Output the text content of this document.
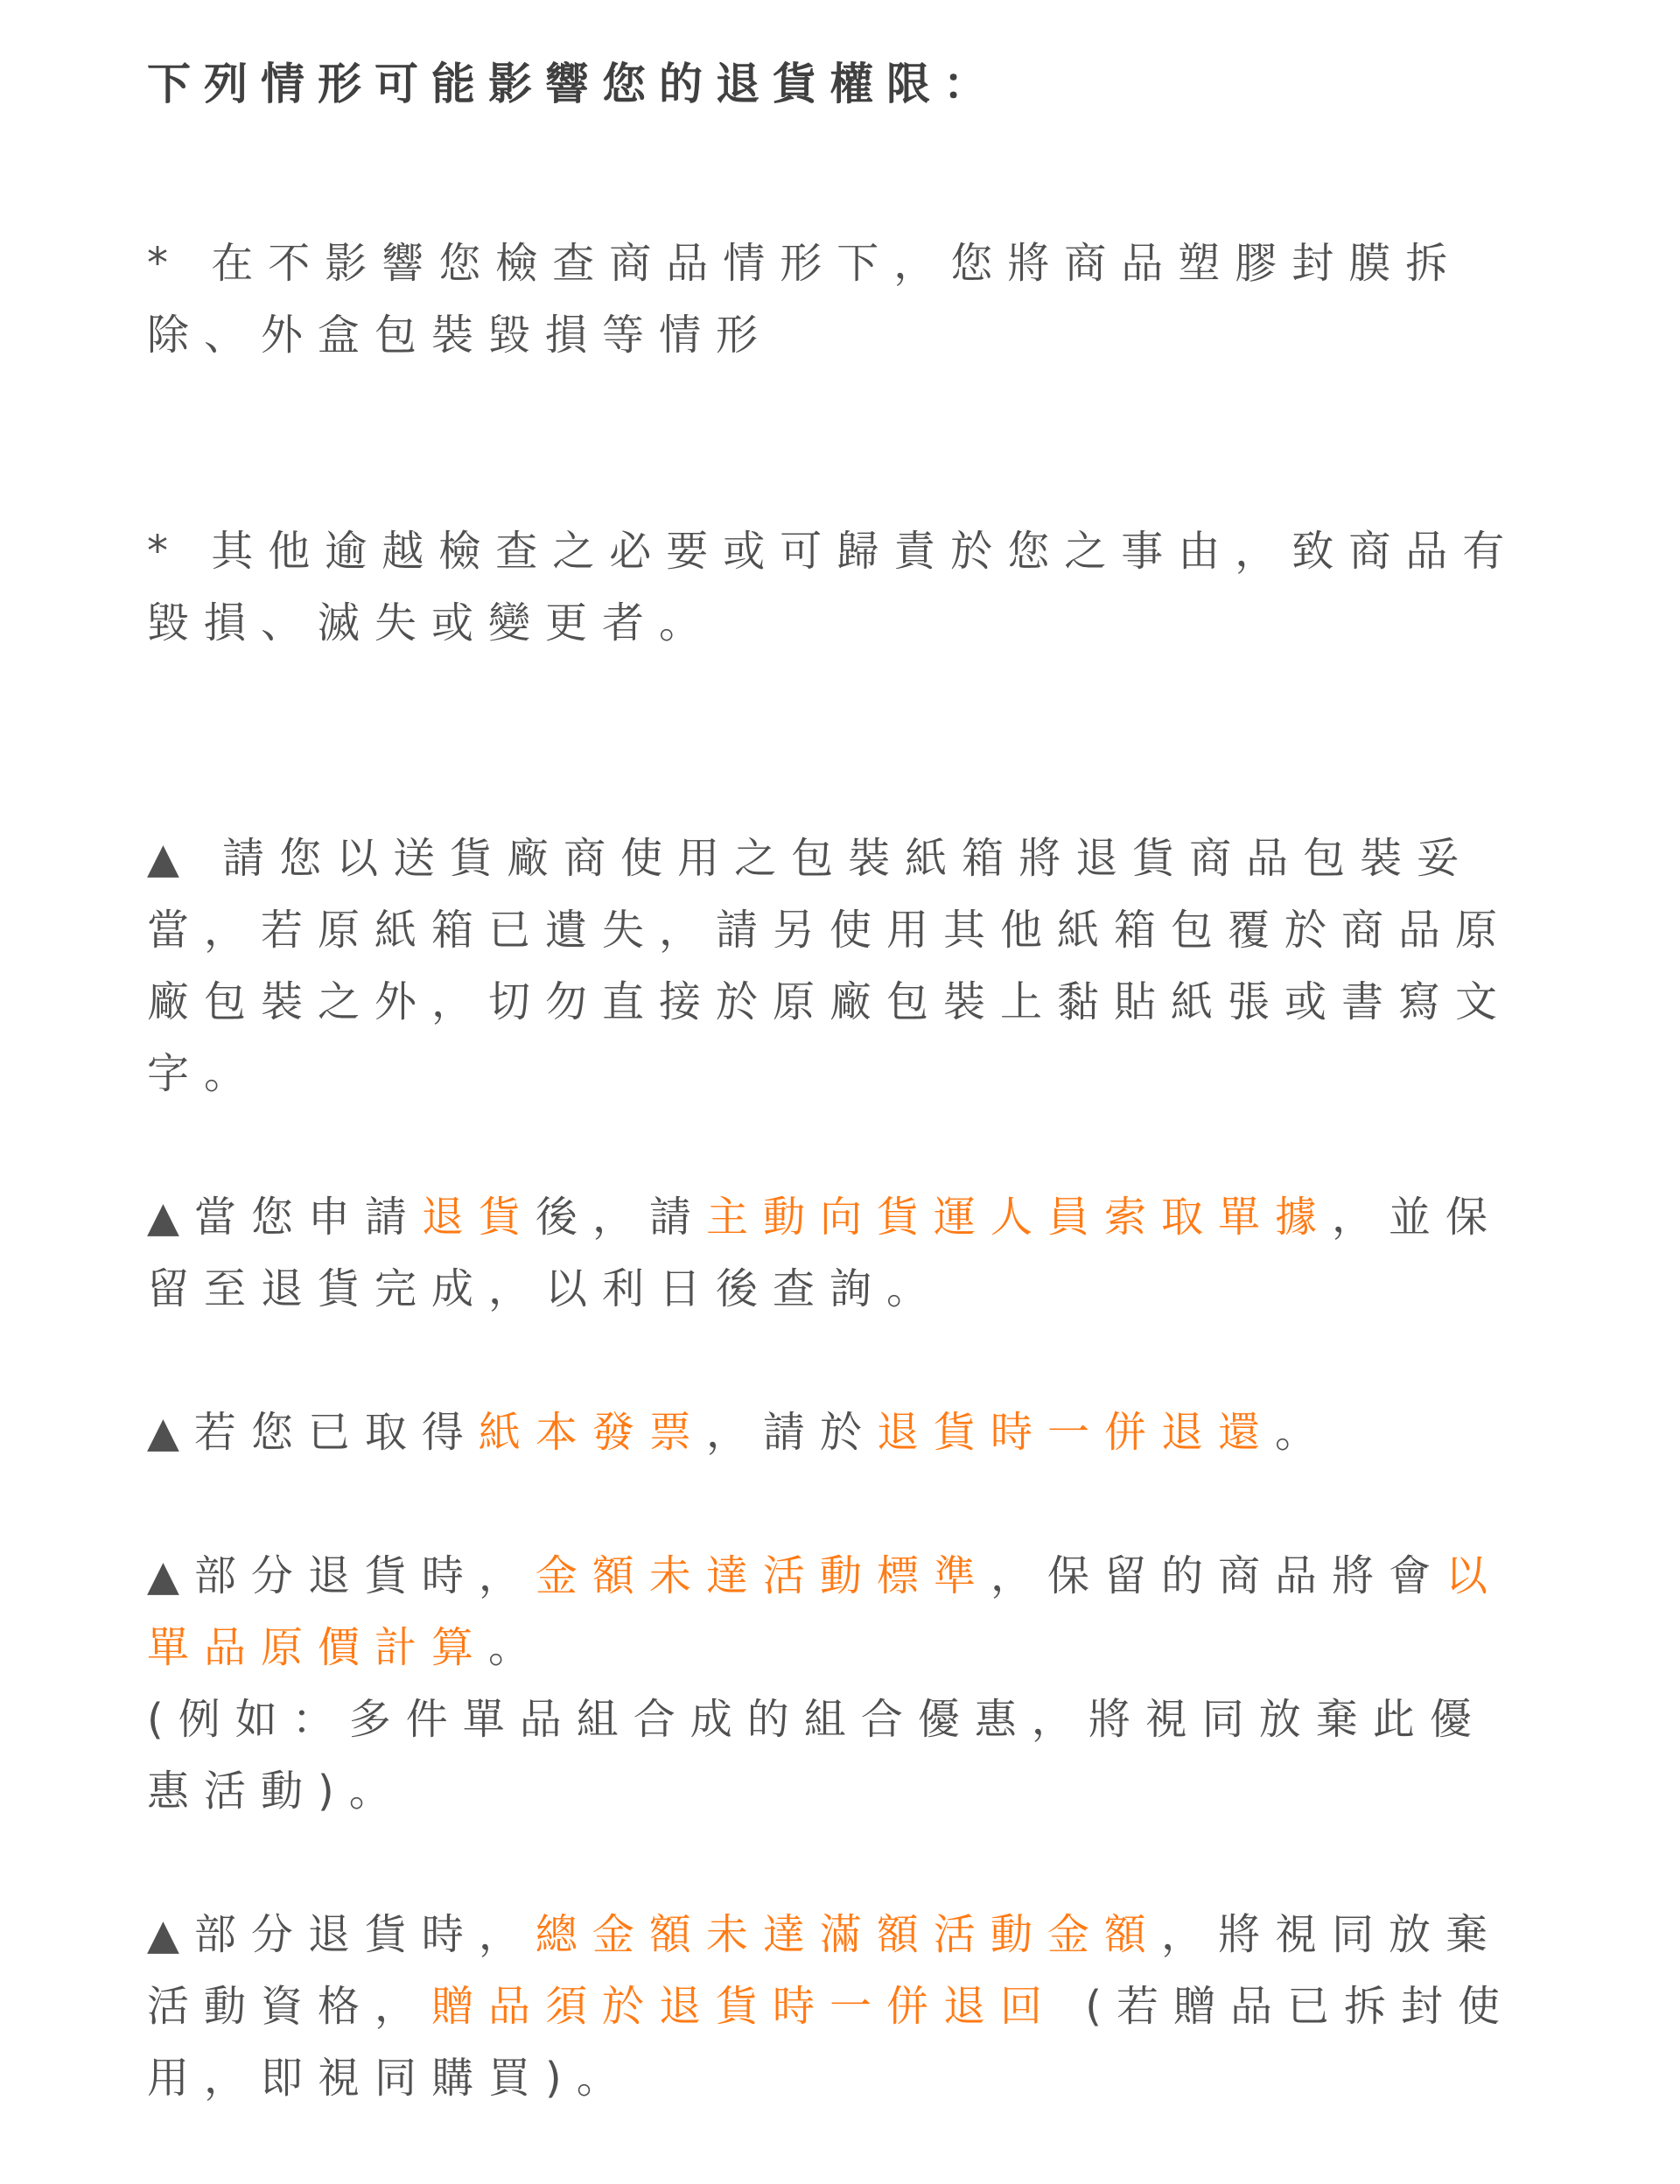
下列情形可能影響您的退貨權限：

* 在不影響您檢查商品情形下，您將商品塑膠封膜拆除、外盒包裝毀損等情形

* 其他逾越檢查之必要或可歸責於您之事由，致商品有毀損、滅失或變更者。

▲ 請您以送貨廠商使用之包裝紙箱將退貨商品包裝妥當，若原紙箱已遺失，請另使用其他紙箱包覆於商品原廠包裝之外，切勿直接於原廠包裝上黏貼紙張或書寫文字。

▲當您申請退貨後，請主動向貨運人員索取單據，並保留至退貨完成，以利日後查詢。

▲若您已取得紙本發票，請於退貨時一併退還。

▲部分退貨時，金額未達活動標準，保留的商品將會以單品原價計算。
(例如：多件單品組合成的組合優惠，將視同放棄此優惠活動)。

▲部分退貨時，總金額未達滿額活動金額，將視同放棄活動資格，贈品須於退貨時一併退回 (若贈品已拆封使用，即視同購買)。
